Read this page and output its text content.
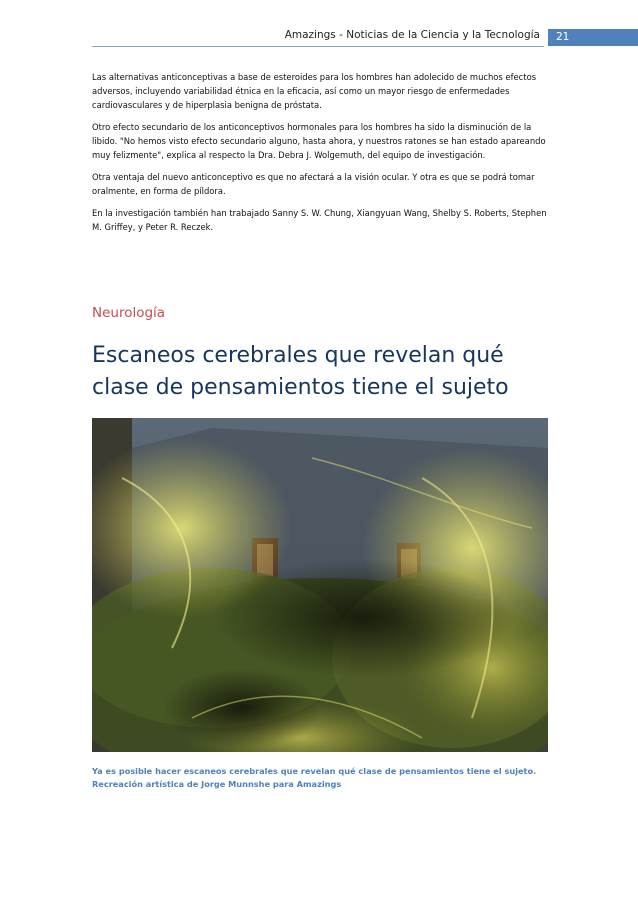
Amazings - Noticias de la Ciencia y la Tecnología	21

Las alternativas anticonceptivas a base de esteroides para los hombres han adolecido de muchos efectos adversos, incluyendo variabilidad étnica en la eficacia, así como un mayor riesgo de enfermedades cardiovasculares y de hiperplasia benigna de próstata.

Otro efecto secundario de los anticonceptivos hormonales para los hombres ha sido la disminución de la libido. "No hemos visto efecto secundario alguno, hasta ahora, y nuestros ratones se han estado apareando muy felizmente", explica al respecto la Dra. Debra J. Wolgemuth, del equipo de investigación.

Otra ventaja del nuevo anticonceptivo es que no afectará a la visión ocular. Y otra es que se podrá tomar oralmente, en forma de píldora.

En la investigación también han trabajado Sanny S. W. Chung, Xiangyuan Wang, Shelby S. Roberts, Stephen M. Griffey, y Peter R. Reczek.

Neurología
Escaneos cerebrales que revelan qué clase de pensamientos tiene el sujeto
Ya es posible hacer escaneos cerebrales que revelan qué clase de pensamientos tiene el sujeto. Recreación artística de Jorge Munnshe para Amazings
